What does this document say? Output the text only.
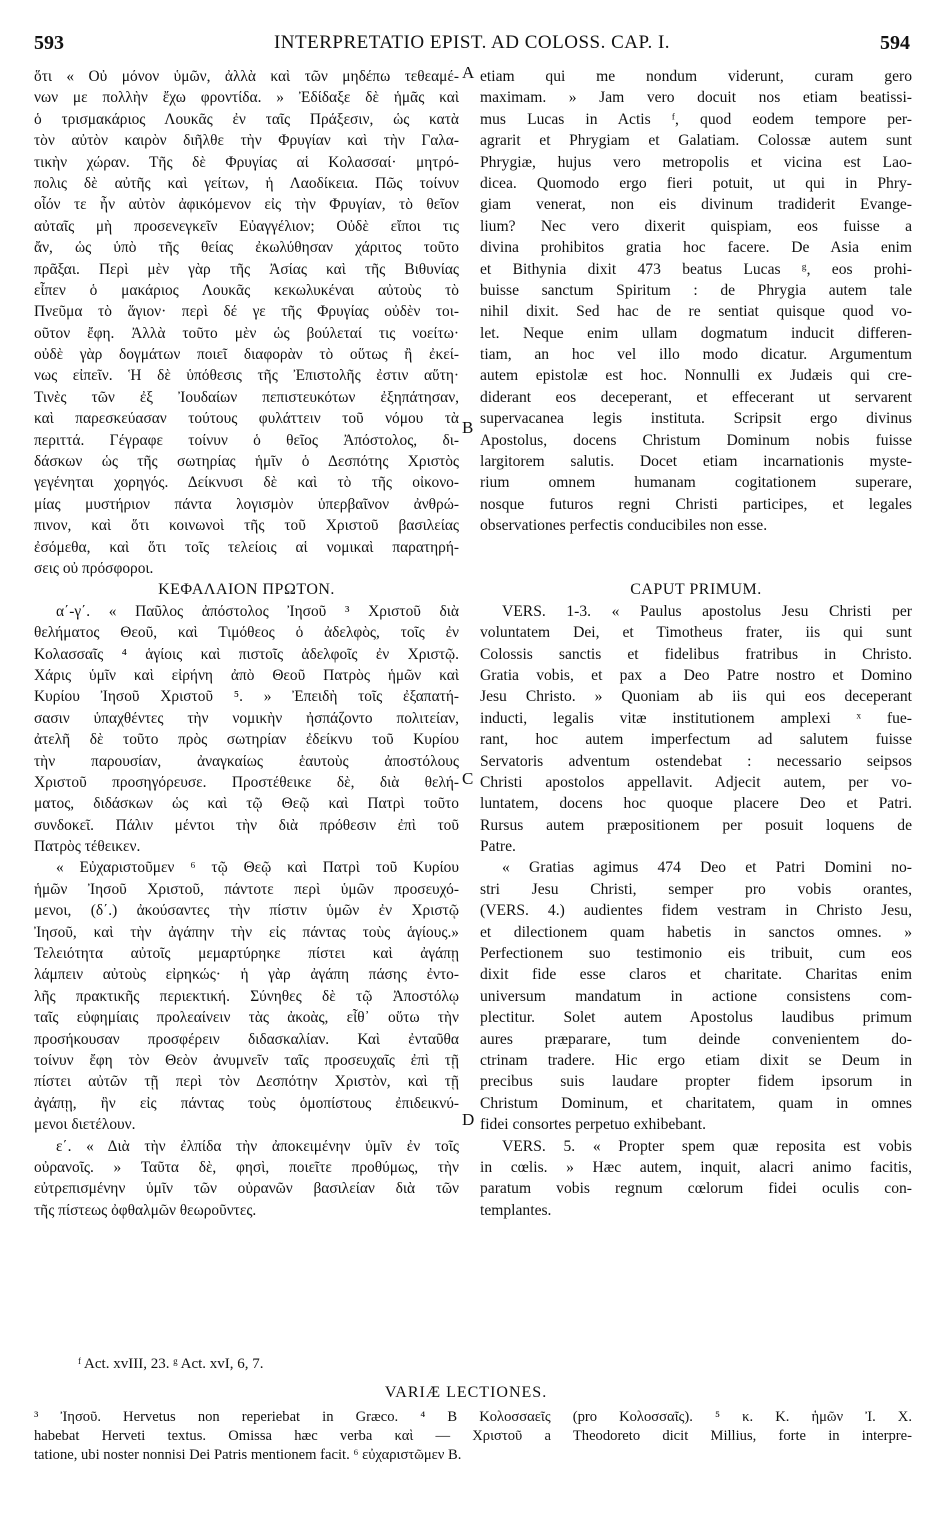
593	INTERPRETATIO EPIST. AD COLOSS. CAP. I.	594
ὅτι « Οὐ μόνον ὑμῶν, ἀλλὰ καὶ τῶν μηδέπω τεθεαμέ-
νων με πολλὴν ἔχω φροντίδα. » Ἐδίδαξε δὲ ἡμᾶς καὶ
ὁ τρισμακάριος Λουκᾶς ἐν ταῖς Πράξεσιν, ὡς κατὰ
τὸν αὐτὸν καιρὸν διῆλθε τὴν Φρυγίαν καὶ τὴν Γαλα-
τικὴν χώραν. Τῆς δὲ Φρυγίας αἱ Κολασσαί· μητρό-
πολις δὲ αὐτῆς καὶ γείτων, ἡ Λαοδίκεια. Πῶς τοίνυν
οἷόν τε ἦν αὐτὸν ἀφικόμενον εἰς τὴν Φρυγίαν, τὸ θεῖον
αὐταῖς μὴ προσενεγκεῖν Εὐαγγέλιον; Οὐδὲ εἴποι τις
ἄν, ὡς ὑπὸ τῆς θείας ἐκωλύθησαν χάριτος τοῦτο
πρᾶξαι. Περὶ μὲν γὰρ τῆς Ἀσίας καὶ τῆς Βιθυνίας
εἶπεν ὁ μακάριος Λουκᾶς κεκωλυκέναι αὐτοὺς τὸ
Πνεῦμα τὸ ἅγιον· περὶ δέ γε τῆς Φρυγίας οὐδὲν τοι-
οῦτον ἔφη. Ἀλλὰ τοῦτο μὲν ὡς βούλεταί τις νοείτω·
οὐδὲ γὰρ δογμάτων ποιεῖ διαφορὰν τὸ οὕτως ἢ ἐκεί-
νως εἰπεῖν. Ἡ δὲ ὑπόθεσις τῆς Ἐπιστολῆς ἐστιν αὕτη·
Τινὲς τῶν ἐξ Ἰουδαίων πεπιστευκότων ἐξηπάτησαν,
καὶ παρεσκεύασαν τούτους φυλάττειν τοῦ νόμου τὰ
περιττά. Γέγραφε τοίνυν ὁ θεῖος Ἀπόστολος, δι-
δάσκων ὡς τῆς σωτηρίας ἡμῖν ὁ Δεσπότης Χριστὸς
γεγένηται χορηγός. Δείκνυσι δὲ καὶ τὸ τῆς οἰκονο-
μίας μυστήριον πάντα λογισμὸν ὑπερβαῖνον ἀνθρώ-
πινον, καὶ ὅτι κοινωνοὶ τῆς τοῦ Χριστοῦ βασιλείας
ἐσόμεθα, καὶ ὅτι τοῖς τελείοις αἱ νομικαὶ παρατηρή-
σεις οὐ πρόσφοροι.
ΚΕΦΑΛΑΙΟΝ ΠΡΩΤΟΝ.
α΄-γ΄. « Παῦλος ἀπόστολος Ἰησοῦ ³ Χριστοῦ διὰ
θελήματος Θεοῦ, καὶ Τιμόθεος ὁ ἀδελφὸς, τοῖς ἐν
Κολασσαῖς ⁴ ἁγίοις καὶ πιστοῖς ἀδελφοῖς ἐν Χριστῷ.
Χάρις ὑμῖν καὶ εἰρήνη ἀπὸ Θεοῦ Πατρὸς ἡμῶν καὶ
Κυρίου Ἰησοῦ Χριστοῦ ⁵. » Ἐπειδὴ τοῖς ἐξαπατή-
σασιν ὑπαχθέντες τὴν νομικὴν ἠσπάζοντο πολιτείαν,
ἀτελῆ δὲ τοῦτο πρὸς σωτηρίαν ἐδείκνυ τοῦ Κυρίου
τὴν παρουσίαν, ἀναγκαίως ἑαυτοὺς ἀποστόλους
Χριστοῦ προσηγόρευσε. Προστέθεικε δὲ, διὰ θελή-
ματος, διδάσκων ὡς καὶ τῷ Θεῷ καὶ Πατρὶ τοῦτο
συνδοκεῖ. Πάλιν μέντοι τὴν διὰ πρόθεσιν ἐπὶ τοῦ
Πατρὸς τέθεικεν.
« Εὐχαριστοῦμεν ⁶ τῷ Θεῷ καὶ Πατρὶ τοῦ Κυρίου
ἡμῶν Ἰησοῦ Χριστοῦ, πάντοτε περὶ ὑμῶν προσευχό-
μενοι, (δ΄.) ἀκούσαντες τὴν πίστιν ὑμῶν ἐν Χριστῷ
Ἰησοῦ, καὶ τὴν ἀγάπην τὴν εἰς πάντας τοὺς ἁγίους.»
Τελειότητα αὐτοῖς μεμαρτύρηκε πίστει καὶ ἀγάπῃ
λάμπειν αὐτοὺς εἰρηκώς· ἡ γὰρ ἀγάπη πάσης ἐντο-
λῆς πρακτικῆς περιεκτική. Σύνηθες δὲ τῷ Ἀποστόλῳ
ταῖς εὐφημίαις προλεαίνειν τὰς ἀκοὰς, εἶθ᾽ οὕτω τὴν
προσήκουσαν προσφέρειν διδασκαλίαν. Καὶ ἐνταῦθα
τοίνυν ἔφη τὸν Θεὸν ἀνυμνεῖν ταῖς προσευχαῖς ἐπὶ τῇ
πίστει αὐτῶν τῇ περὶ τὸν Δεσπότην Χριστὸν, καὶ τῇ
ἀγάπῃ, ἣν εἰς πάντας τοὺς ὁμοπίστους ἐπιδεικνύ-
μενοι διετέλουν.
ε΄. « Διὰ τὴν ἐλπίδα τὴν ἀποκειμένην ὑμῖν ἐν τοῖς
οὐρανοῖς. » Ταῦτα δὲ, φησὶ, ποιεῖτε προθύμως, τὴν
εὐτρεπισμένην ὑμῖν τῶν οὐρανῶν βασιλείαν διὰ τῶν
τῆς πίστεως ὀφθαλμῶν θεωροῦντες.
etiam qui me nondum viderunt, curam gero
maximam. » Jam vero docuit nos etiam beatissi-
mus Lucas in Actis ᶠ, quod eodem tempore per-
agrarit et Phrygiam et Galatiam. Colossæ autem sunt
Phrygiæ, hujus vero metropolis et vicina est Lao-
dicea. Quomodo ergo fieri potuit, ut qui in Phry-
giam venerat, non eis divinum tradiderit Evange-
lium? Nec vero dixerit quispiam, eos fuisse a
divina prohibitos gratia hoc facere. De Asia enim
et Bithynia dixit 473 beatus Lucas ᵍ, eos prohi-
buisse sanctum Spiritum : de Phrygia autem tale
nihil dixit. Sed hac de re sentiat quisque quod vo-
let. Neque enim ullam dogmatum inducit differen-
tiam, an hoc vel illo modo dicatur. Argumentum
autem epistolæ est hoc. Nonnulli ex Judæis qui cre-
diderant eos deceperant, et effecerant ut servarent
supervacanea legis instituta. Scripsit ergo divinus
Apostolus, docens Christum Dominum nobis fuisse
largitorem salutis. Docet etiam incarnationis myste-
rium omnem humanam cogitationem superare,
nosque futuros regni Christi participes, et legales
observationes perfectis conducibiles non esse.

CAPUT PRIMUM.
VERS. 1-3. « Paulus apostolus Jesu Christi per
voluntatem Dei, et Timotheus frater, iis qui sunt
Colossis sanctis et fidelibus fratribus in Christo.
Gratia vobis, et pax a Deo Patre nostro et Domino
Jesu Christo. » Quoniam ab iis qui eos deceperant
inducti, legalis vitæ institutionem amplexi ˣ fue-
rant, hoc autem imperfectum ad salutem fuisse
Servatoris adventum ostendebat : necessario seipsos
Christi apostolos appellavit. Adjecit autem, per vo-
luntatem, docens hoc quoque placere Deo et Patri.
Rursus autem præpositionem per posuit loquens de
Patre.
« Gratias agimus 474 Deo et Patri Domini no-
stri Jesu Christi, semper pro vobis orantes,
(VERS. 4.) audientes fidem vestram in Christo Jesu,
et dilectionem quam habetis in sanctos omnes. »
Perfectionem suo testimonio eis tribuit, cum eos
dixit fide esse claros et charitate. Charitas enim
universum mandatum in actione consistens com-
plectitur. Solet autem Apostolus laudibus primum
aures præparare, tum deinde convenientem do-
ctrinam tradere. Hic ergo etiam dixit se Deum in
precibus suis laudare propter fidem ipsorum in
Christum Dominum, et charitatem, quam in omnes
fidei consortes perpetuo exhibebant.
VERS. 5. « Propter spem quæ reposita est vobis
in cœlis. » Hæc autem, inquit, alacri animo facitis,
paratum vobis regnum cœlorum fidei oculis con-
templantes.
A
B
C
D
ᶠ Act. xvIII, 23. ᵍ Act. xvI, 6, 7.
VARIÆ LECTIONES.
³ Ἰησοῦ. Hervetus non reperiebat in Græco. ⁴ Β Κολοσσαεῖς (pro Κολοσσαῖς). ⁵ κ. Κ. ἡμῶν Ἰ. Χ.
habebat Herveti textus. Omissa hæc verba καὶ — Χριστοῦ a Theodoreto dicit Millius, forte in interpre-
tatione, ubi noster nonnisi Dei Patris mentionem facit. ⁶ εὐχαριστῶμεν Β.
